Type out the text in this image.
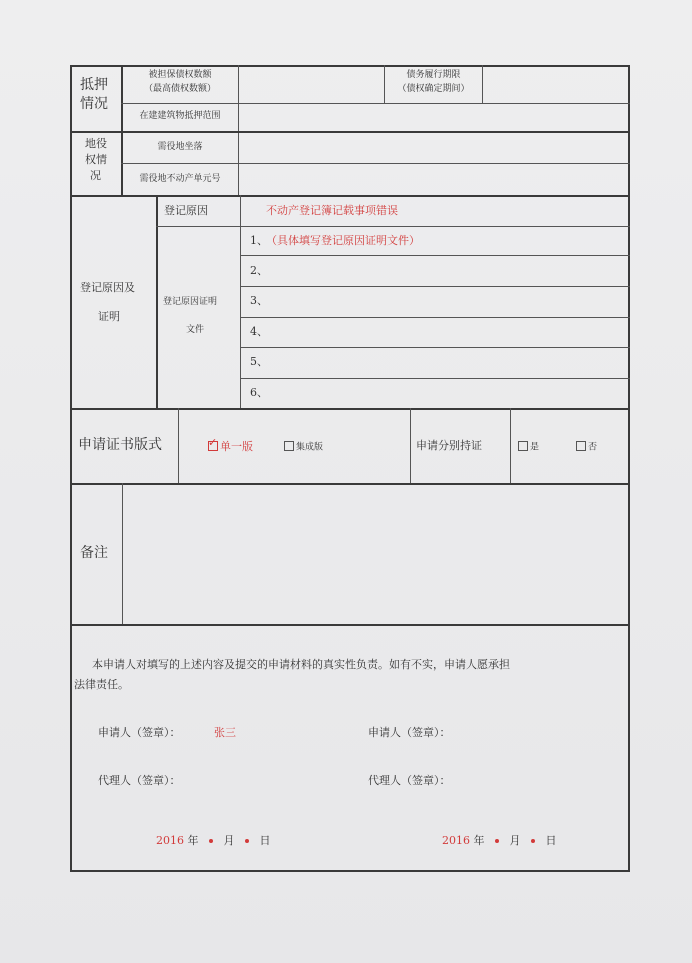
抵押
情况
被担保债权数额
（最高债权数额）
债务履行期限
（债权确定期间）
在建建筑物抵押范围
地役
权情
况
需役地坐落
需役地不动产单元号
登记原因及
证明
登记原因	不动产登记簿记载事项错误
登记原因证明
文件
1、
（具体填写登记原因证明文件）
2、
3、
4、
5、
6、
申请证书版式
✓	单一版	集成版	申请分别持证	是	否
备注
本申请人对填写的上述内容及提交的申请材料的真实性负责。如有不实，申请人愿承担
法律责任。
申请人（签章）：	张三	申请人（签章）：
代理人（签章）：	代理人（签章）：
2016 年 月 日	2016 年 月 日
